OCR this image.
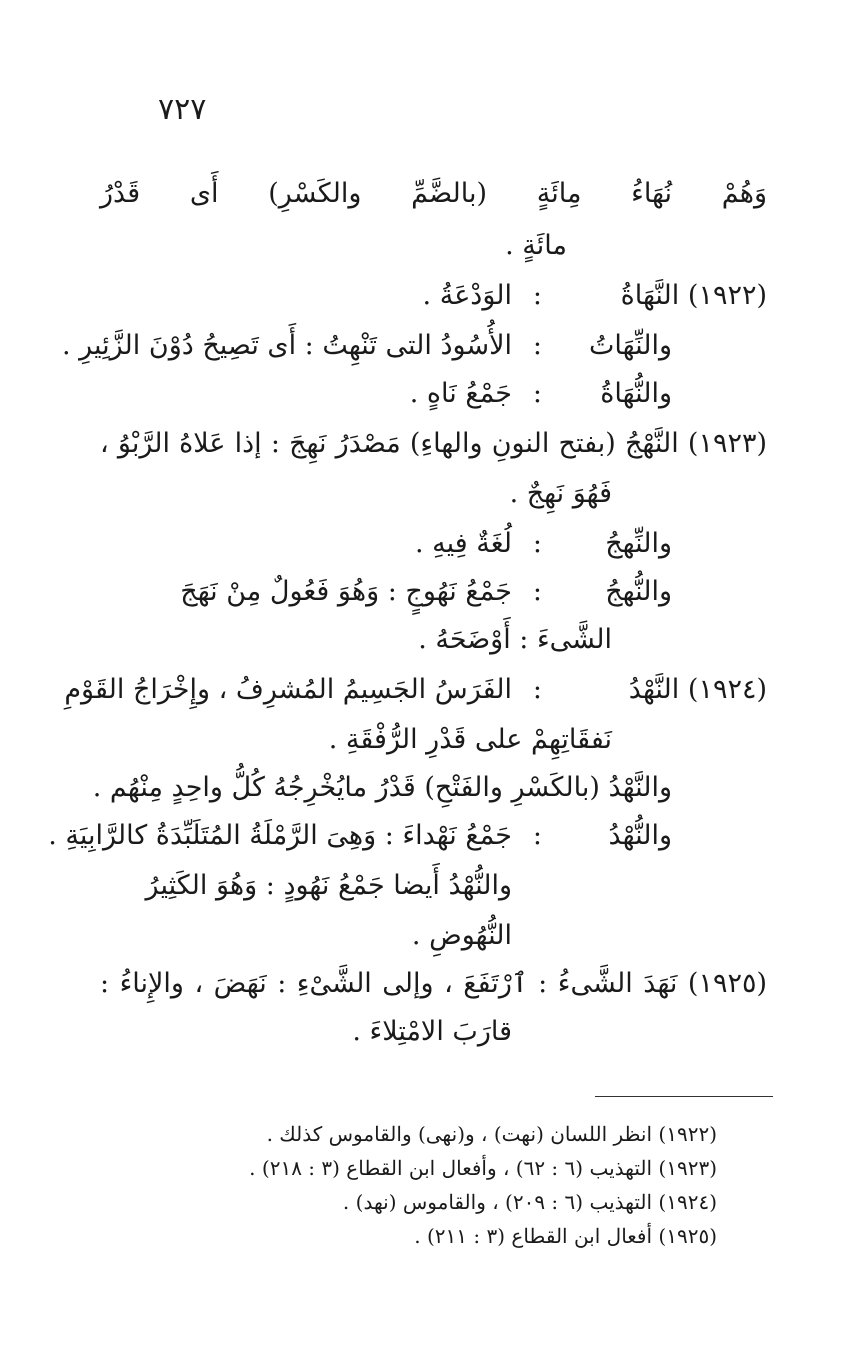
٧٢٧
وَهُمْ نُهَاءُ مِائَةٍ (بالضَّمِّ والكَسْرِ) أَى قَدْرُ
مائَةٍ .
(١٩٢٢) النَّهَاةُ
:
الوَدْعَةُ .
والنِّهَاتُ
:
الأُسُودُ التى تَنْهِتُ : أَى تَصِيحُ دُوْنَ الزَّئِيرِ .
والنُّهَاةُ
:
جَمْعُ نَاهٍ .
(١٩٢٣) النَّهْجُ (بفتح النونِ والهاءِ) مَصْدَرُ نَهِجَ : إذا عَلاهُ الرَّبْوُ ،
فَهُوَ نَهِجٌ .
والنِّهجُ
:
لُغَةٌ فِيهِ .
والنُّهجُ
:
جَمْعُ نَهُوجٍ : وَهُوَ فَعُولٌ مِنْ نَهَجَ
الشَّىءَ : أَوْضَحَهُ .
(١٩٢٤) النَّهْدُ
:
الفَرَسُ الجَسِيمُ المُشرِفُ ، وإِخْرَاجُ القَوْمِ
نَفقَاتِهِمْ على قَدْرِ الرُّفْقَةِ .
والنَّهْدُ (بالكَسْرِ والفَتْحِ) قَدْرُ مايُخْرِجُهُ كُلُّ واحِدٍ مِنْهُم .
والنُّهْدُ
:
جَمْعُ نَهْداءَ : وَهِىَ الرَّمْلَةُ المُتَلَبِّدَةُ كالرَّابِيَةِ .
والنُّهْدُ أَيضا جَمْعُ نَهُودٍ : وَهُوَ الكَثِيرُ
النُّهُوضِ .
(١٩٢٥) نَهَدَ الشَّىءُ : ٱرْتَفَعَ ، وإلى الشَّىْءِ : نَهَضَ ، والإِناءُ :
قارَبَ الامْتِلاءَ .
(١٩٢٢) انظر اللسان (نهت) ، و(نهى) والقاموس كذلك .
(١٩٢٣) التهذيب (٦ : ٦٢) ، وأفعال ابن القطاع (٣ : ٢١٨) .
(١٩٢٤) التهذيب (٦ : ٢٠٩) ، والقاموس (نهد) .
(١٩٢٥) أفعال ابن القطاع (٣ : ٢١١) .
